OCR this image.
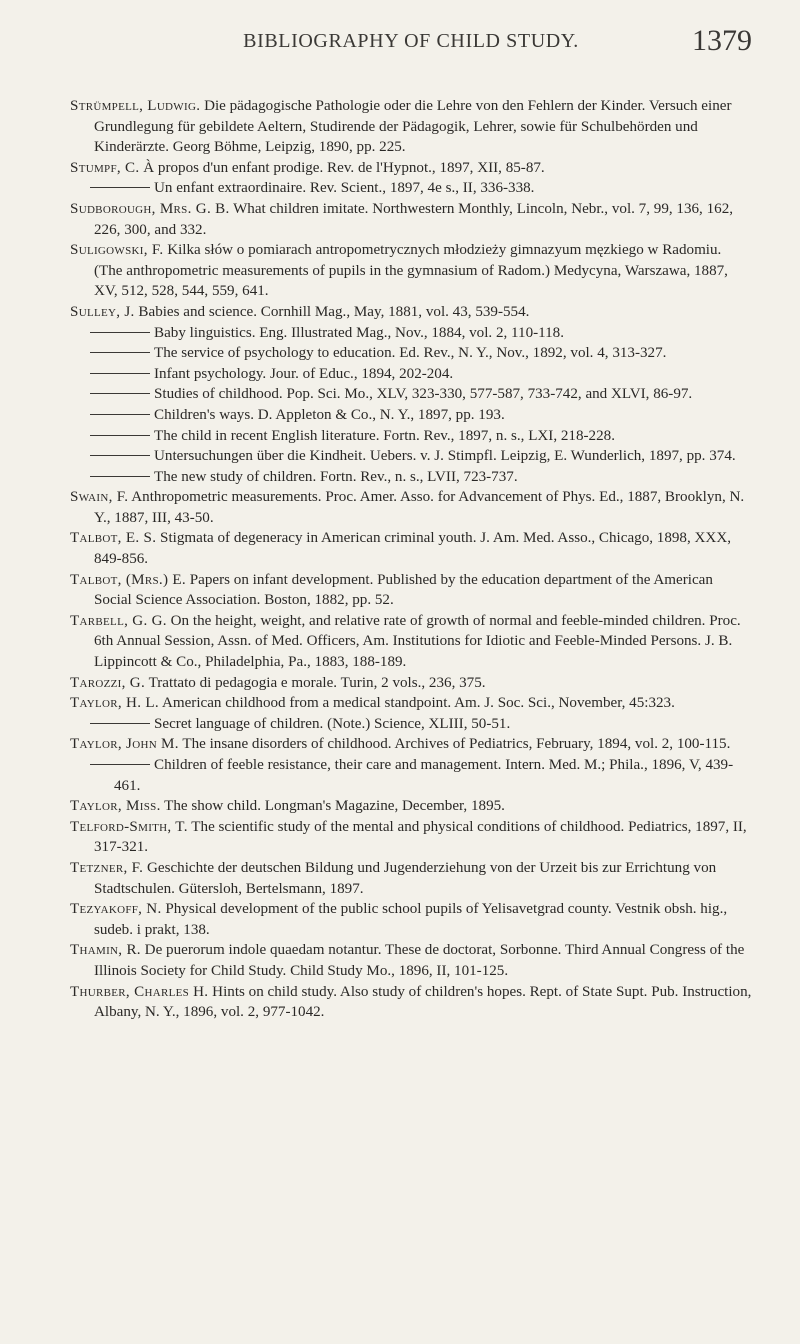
BIBLIOGRAPHY OF CHILD STUDY.	1379

Strümpell, Ludwig. Die pädagogische Pathologie oder die Lehre von den Fehlern der Kinder. Versuch einer Grundlegung für gebildete Aeltern, Studirende der Pädagogik, Lehrer, sowie für Schulbehörden und Kinderärzte. Georg Böhme, Leipzig, 1890, pp. 225.

Stumpf, C. À propos d'un enfant prodige. Rev. de l'Hypnot., 1897, XII, 85-87.

Un enfant extraordinaire. Rev. Scient., 1897, 4e s., II, 336-338.

Sudborough, Mrs. G. B. What children imitate. Northwestern Monthly, Lincoln, Nebr., vol. 7, 99, 136, 162, 226, 300, and 332.

Suligowski, F. Kilka słów o pomiarach antropometrycznych młodzieży gimnazyum męzkiego w Radomiu. (The anthropometric measurements of pupils in the gymnasium of Radom.) Medycyna, Warszawa, 1887, XV, 512, 528, 544, 559, 641.

Sulley, J. Babies and science. Cornhill Mag., May, 1881, vol. 43, 539-554.

Baby linguistics. Eng. Illustrated Mag., Nov., 1884, vol. 2, 110-118.

The service of psychology to education. Ed. Rev., N. Y., Nov., 1892, vol. 4, 313-327.

Infant psychology. Jour. of Educ., 1894, 202-204.

Studies of childhood. Pop. Sci. Mo., XLV, 323-330, 577-587, 733-742, and XLVI, 86-97.

Children's ways. D. Appleton & Co., N. Y., 1897, pp. 193.

The child in recent English literature. Fortn. Rev., 1897, n. s., LXI, 218-228.

Untersuchungen über die Kindheit. Uebers. v. J. Stimpfl. Leipzig, E. Wunderlich, 1897, pp. 374.

The new study of children. Fortn. Rev., n. s., LVII, 723-737.

Swain, F. Anthropometric measurements. Proc. Amer. Asso. for Advancement of Phys. Ed., 1887, Brooklyn, N. Y., 1887, III, 43-50.

Talbot, E. S. Stigmata of degeneracy in American criminal youth. J. Am. Med. Asso., Chicago, 1898, XXX, 849-856.

Talbot, (Mrs.) E. Papers on infant development. Published by the education department of the American Social Science Association. Boston, 1882, pp. 52.

Tarbell, G. G. On the height, weight, and relative rate of growth of normal and feeble-minded children. Proc. 6th Annual Session, Assn. of Med. Officers, Am. Institutions for Idiotic and Feeble-Minded Persons. J. B. Lippincott & Co., Philadelphia, Pa., 1883, 188-189.

Tarozzi, G. Trattato di pedagogia e morale. Turin, 2 vols., 236, 375.

Taylor, H. L. American childhood from a medical standpoint. Am. J. Soc. Sci., November, 45:323.

Secret language of children. (Note.) Science, XLIII, 50-51.

Taylor, John M. The insane disorders of childhood. Archives of Pediatrics, February, 1894, vol. 2, 100-115.

Children of feeble resistance, their care and management. Intern. Med. M.; Phila., 1896, V, 439-461.

Taylor, Miss. The show child. Longman's Magazine, December, 1895.

Telford-Smith, T. The scientific study of the mental and physical conditions of childhood. Pediatrics, 1897, II, 317-321.

Tetzner, F. Geschichte der deutschen Bildung und Jugenderziehung von der Urzeit bis zur Errichtung von Stadtschulen. Gütersloh, Bertelsmann, 1897.

Tezyakoff, N. Physical development of the public school pupils of Yelisavetgrad county. Vestnik obsh. hig., sudeb. i prakt, 138.

Thamin, R. De puerorum indole quaedam notantur. These de doctorat, Sorbonne. Third Annual Congress of the Illinois Society for Child Study. Child Study Mo., 1896, II, 101-125.

Thurber, Charles H. Hints on child study. Also study of children's hopes. Rept. of State Supt. Pub. Instruction, Albany, N. Y., 1896, vol. 2, 977-1042.
